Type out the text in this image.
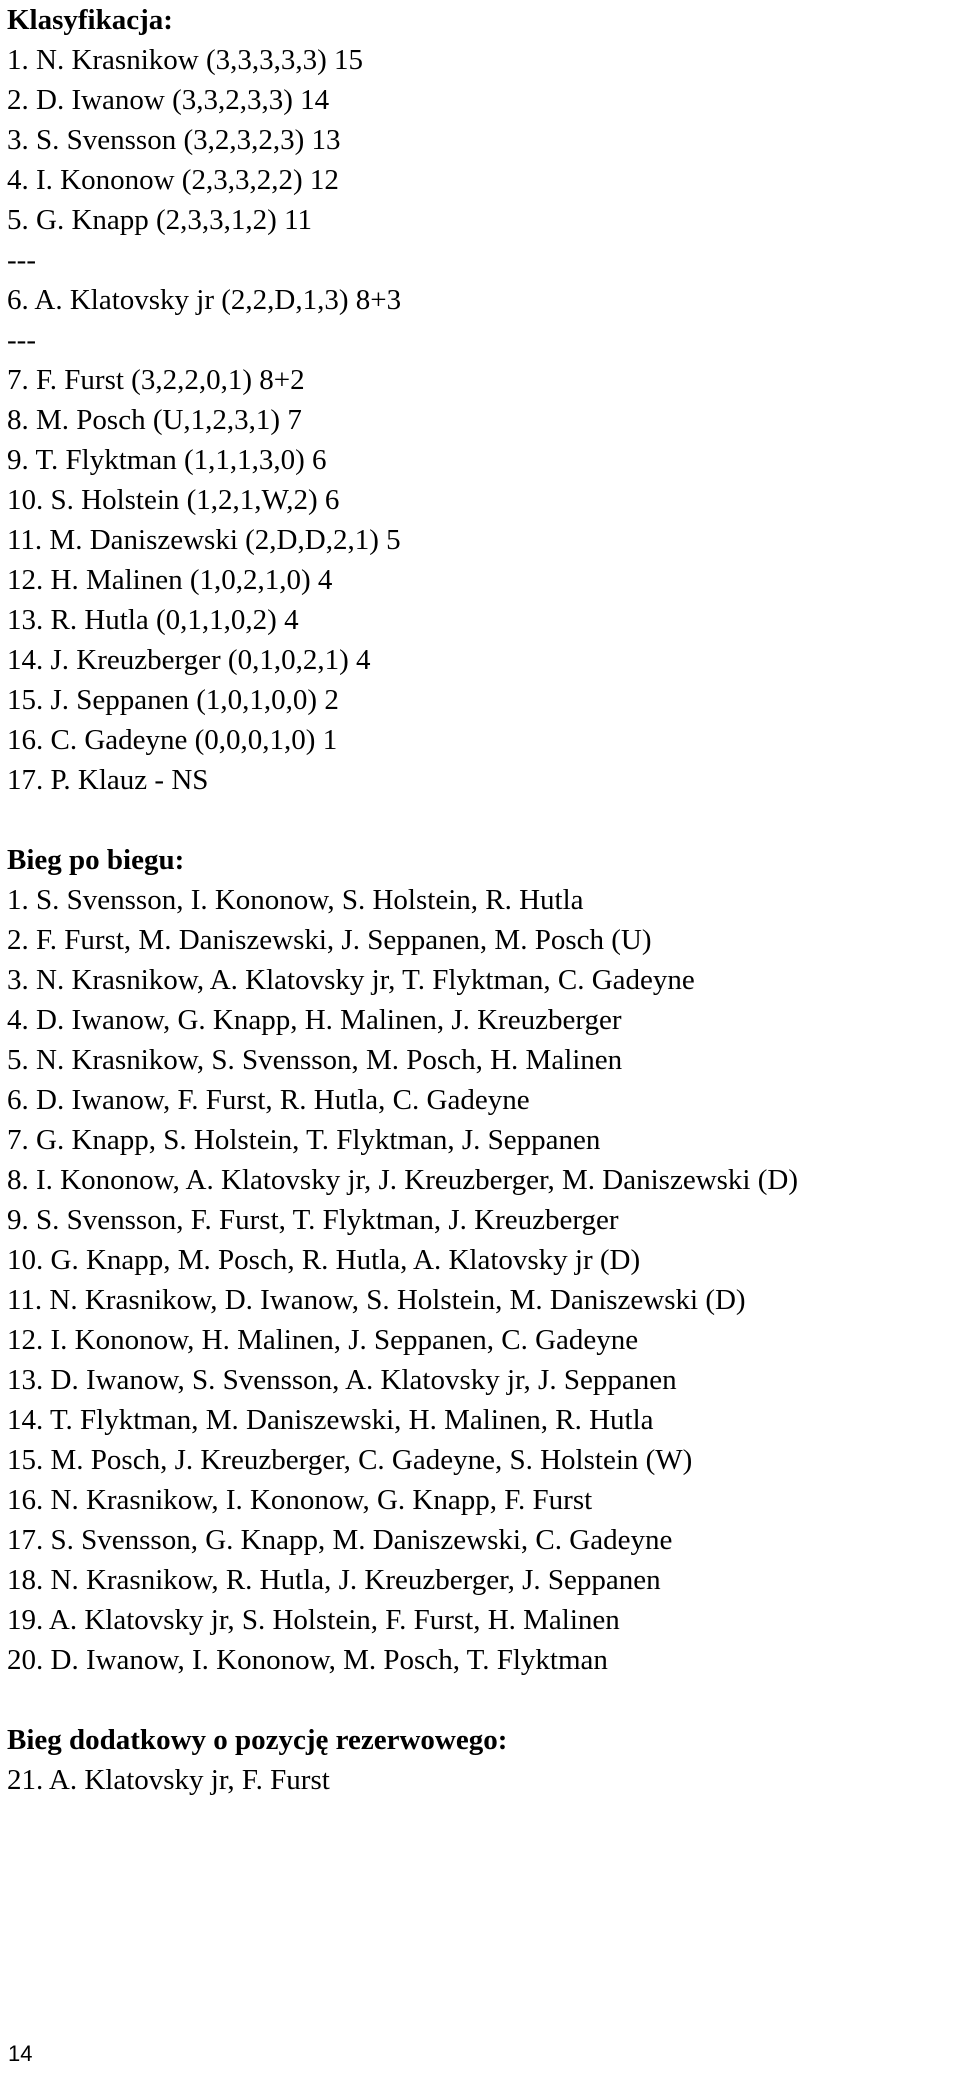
Klasyfikacja:
1. N. Krasnikow (3,3,3,3,3) 15
2. D. Iwanow (3,3,2,3,3) 14
3. S. Svensson (3,2,3,2,3) 13
4. I. Kononow (2,3,3,2,2) 12
5. G. Knapp (2,3,3,1,2) 11
---
6. A. Klatovsky jr (2,2,D,1,3) 8+3
---
7. F. Furst (3,2,2,0,1) 8+2
8. M. Posch (U,1,2,3,1) 7
9. T. Flyktman (1,1,1,3,0) 6
10. S. Holstein (1,2,1,W,2) 6
11. M. Daniszewski (2,D,D,2,1) 5
12. H. Malinen (1,0,2,1,0) 4
13. R. Hutla (0,1,1,0,2) 4
14. J. Kreuzberger (0,1,0,2,1) 4
15. J. Seppanen (1,0,1,0,0) 2
16. C. Gadeyne (0,0,0,1,0) 1
17. P. Klauz - NS
Bieg po biegu:
1. S. Svensson, I. Kononow, S. Holstein, R. Hutla
2. F. Furst, M. Daniszewski, J. Seppanen, M. Posch (U)
3. N. Krasnikow, A. Klatovsky jr, T. Flyktman, C. Gadeyne
4. D. Iwanow, G. Knapp, H. Malinen, J. Kreuzberger
5. N. Krasnikow, S. Svensson, M. Posch, H. Malinen
6. D. Iwanow, F. Furst, R. Hutla, C. Gadeyne
7. G. Knapp, S. Holstein, T. Flyktman, J. Seppanen
8. I. Kononow, A. Klatovsky jr, J. Kreuzberger, M. Daniszewski (D)
9. S. Svensson, F. Furst, T. Flyktman, J. Kreuzberger
10. G. Knapp, M. Posch, R. Hutla, A. Klatovsky jr (D)
11. N. Krasnikow, D. Iwanow, S. Holstein, M. Daniszewski (D)
12. I. Kononow, H. Malinen, J. Seppanen, C. Gadeyne
13. D. Iwanow, S. Svensson, A. Klatovsky jr, J. Seppanen
14. T. Flyktman, M. Daniszewski, H. Malinen, R. Hutla
15. M. Posch, J. Kreuzberger, C. Gadeyne, S. Holstein (W)
16. N. Krasnikow, I. Kononow, G. Knapp, F. Furst
17. S. Svensson, G. Knapp, M. Daniszewski, C. Gadeyne
18. N. Krasnikow, R. Hutla, J. Kreuzberger, J. Seppanen
19. A. Klatovsky jr, S. Holstein, F. Furst, H. Malinen
20. D. Iwanow, I. Kononow, M. Posch, T. Flyktman
Bieg dodatkowy o pozycję rezerwowego:
21. A. Klatovsky jr, F. Furst
14
